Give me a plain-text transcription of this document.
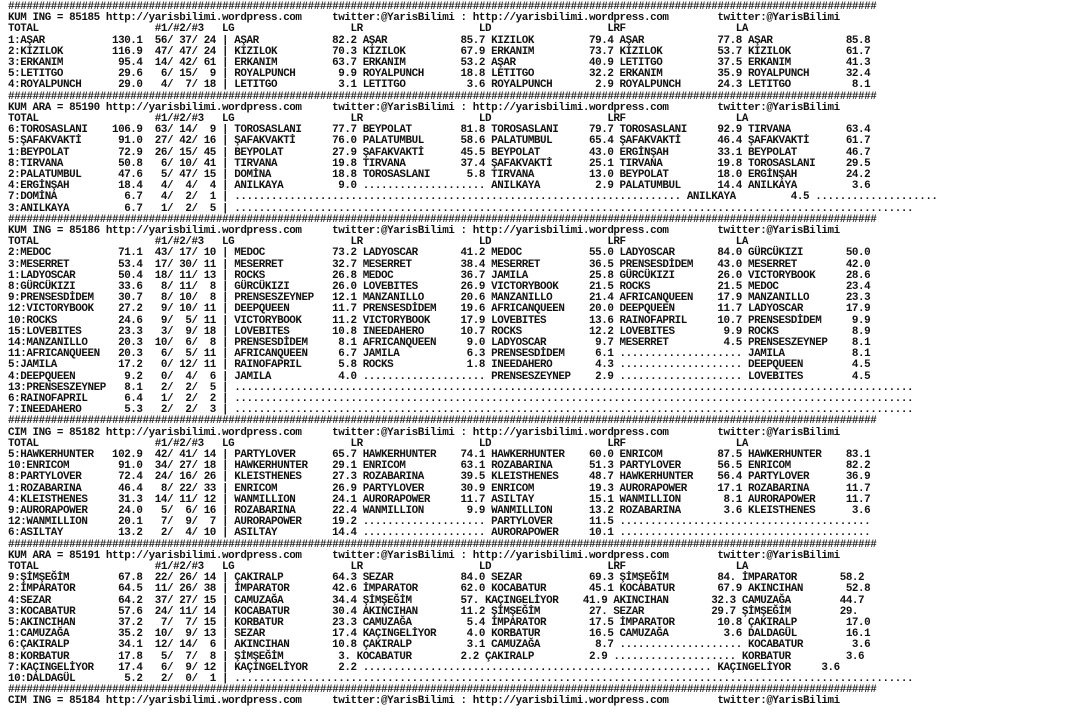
##############################################################################################################################################
KUM ING = 85185 http://yarisbilimi.wordpress.com     twitter:@YarisBilimi : http://yarisbilimi.wordpress.com        twitter:@YarisBilimi
TOTAL                   #1/#2/#3   LG                   LR                   LD                   LRF                  LA
1:AŞAR           130.1  56/ 37/ 24 | AŞAR            82.2 AŞAR            85.7 KIZILOK         79.4 AŞAR            77.8 AŞAR            85.8
2:KIZILOK        116.9  47/ 47/ 24 | KIZILOK         70.3 KIZILOK         67.9 ERKANIM         73.7 KIZILOK         53.7 KIZILOK         61.7
3:ERKANIM         95.4  14/ 42/ 61 | ERKANIM         63.7 ERKANIM         53.2 AŞAR            40.9 LETITGO         37.5 ERKANIM         41.3
5:LETITGO         29.6   6/ 15/  9 | ROYALPUNCH       9.9 ROYALPUNCH      18.8 LETITGO         32.2 ERKANIM         35.9 ROYALPUNCH      32.4
4:ROYALPUNCH      29.0   4/  7/ 18 | LETITGO          3.1 LETITGO          3.6 ROYALPUNCH       2.9 ROYALPUNCH      24.3 LETITGO          8.1
##############################################################################################################################################
KUM ARA = 85190 http://yarisbilimi.wordpress.com     twitter:@YarisBilimi : http://yarisbilimi.wordpress.com        twitter:@YarisBilimi
TOTAL                   #1/#2/#3   LG                   LR                   LD                   LRF                  LA
6:TOROSASLANI    106.9  63/ 14/  9 | TOROSASLANI     77.7 BEYPOLAT        81.8 TOROSASLANI     79.7 TOROSASLANI     92.9 TIRVANA         63.4
5:ŞAFAKVAKTİ      91.0  27/ 42/ 16 | ŞAFAKVAKTİ      76.0 PALATUMBUL      58.6 PALATUMBUL      65.4 ŞAFAKVAKTİ      46.4 ŞAFAKVAKTİ      61.7
1:BEYPOLAT        72.9  26/ 15/ 45 | BEYPOLAT        27.9 ŞAFAKVAKTİ      45.5 BEYPOLAT        43.0 ERGİNŞAH        33.1 BEYPOLAT        46.7
8:TIRVANA         50.8   6/ 10/ 41 | TIRVANA         19.8 TIRVANA         37.4 ŞAFAKVAKTİ      25.1 TIRVANA         19.8 TOROSASLANI     29.5
2:PALATUMBUL      47.6   5/ 47/ 15 | DOMİNA          18.8 TOROSASLANI      5.8 TIRVANA         13.0 BEYPOLAT        18.0 ERGİNŞAH        24.2
4:ERGİNŞAH        18.4   4/  4/  4 | ANILKAYA         9.0 .................... ANILKAYA         2.9 PALATUMBUL      14.4 ANILKAYA         3.6
7:DOMİNA           6.7   4/  2/  1 | ......................................................................... ANILKAYA         4.5 ....................
3:ANILKAYA         6.7   1/  2/  5 | ...............................................................................................................
##############################################################################################################################################
KUM ING = 85186 http://yarisbilimi.wordpress.com     twitter:@YarisBilimi : http://yarisbilimi.wordpress.com        twitter:@YarisBilimi
TOTAL                   #1/#2/#3   LG                   LR                   LD                   LRF                  LA
2:MEDOC           71.1  43/ 17/ 10 | MEDOC           73.2 LADYOSCAR       41.2 MEDOC           55.0 LADYOSCAR       84.0 GÜRCÜKIZI       50.0
3:MESERRET        53.4  17/ 30/ 11 | MESERRET        32.7 MESERRET        38.4 MESERRET        36.5 PRENSESDİDEM    43.0 MESERRET        42.0
1:LADYOSCAR       50.4  18/ 11/ 13 | ROCKS           26.8 MEDOC           36.7 JAMILA          25.8 GÜRCÜKIZI       26.0 VICTORYBOOK     28.6
8:GÜRCÜKIZI       33.6   8/ 11/  8 | GÜRCÜKIZI       26.0 LOVEBITES       26.9 VICTORYBOOK     21.5 ROCKS           21.5 MEDOC           23.4
9:PRENSESDİDEM    30.7   8/ 10/  8 | PRENSESZEYNEP   12.1 MANZANILLO      20.6 MANZANILLO      21.4 AFRICANQUEEN    17.9 MANZANILLO      23.3
12:VICTORYBOOK    27.2   9/ 10/ 11 | DEEPQUEEN       11.7 PRENSESDİDEM    19.6 AFRICANQUEEN    20.0 DEEPQUEEN       11.7 LADYOSCAR       17.9
10:ROCKS          24.6   9/  5/ 11 | VICTORYBOOK     11.2 VICTORYBOOK     17.9 LOVEBITES       13.6 RAINOFAPRIL     10.7 PRENSESDİDEM     9.9
15:LOVEBITES      23.3   3/  9/ 18 | LOVEBITES       10.8 INEEDAHERO      10.7 ROCKS           12.2 LOVEBITES        9.9 ROCKS            8.9
14:MANZANILLO     20.3  10/  6/  8 | PRENSESDİDEM     8.1 AFRICANQUEEN     9.0 LADYOSCAR        9.7 MESERRET         4.5 PRENSESZEYNEP    8.1
11:AFRICANQUEEN   20.3   6/  5/ 11 | AFRICANQUEEN     6.7 JAMILA           6.3 PRENSESDİDEM     6.1 .................... JAMILA           8.1
5:JAMILA          17.2   0/ 12/ 11 | RAINOFAPRIL      5.8 ROCKS            1.8 INEEDAHERO       4.3 .................... DEEPQUEEN        4.5
4:DEEPQUEEN        9.2   0/  4/  6 | JAMILA           4.0 .................... PRENSESZEYNEP    2.9 .................... LOVEBITES        4.5
13:PRENSESZEYNEP   8.1   2/  2/  5 | ...............................................................................................................
6:RAINOFAPRIL      6.4   1/  2/  2 | ...............................................................................................................
7:INEEDAHERO       5.3   2/  2/  3 | ...............................................................................................................
##############################################################################################################################################
CIM ING = 85182 http://yarisbilimi.wordpress.com     twitter:@YarisBilimi : http://yarisbilimi.wordpress.com        twitter:@YarisBilimi
TOTAL                   #1/#2/#3   LG                   LR                   LD                   LRF                  LA
5:HAWKERHUNTER   102.9  42/ 41/ 14 | PARTYLOVER      65.7 HAWKERHUNTER    74.1 HAWKERHUNTER    60.0 ENRICOM         87.5 HAWKERHUNTER    83.1
10:ENRICOM        91.0  34/ 27/ 18 | HAWKERHUNTER    29.1 ENRICOM         63.1 ROZABARINA      51.3 PARTYLOVER      56.5 ENRICOM         82.2
8:PARTYLOVER      72.4  24/ 16/ 26 | KLEISTHENES     27.3 ROZABARINA      39.5 KLEISTHENES     48.7 HAWKERHUNTER    56.4 PARTYLOVER      36.9
1:ROZABARINA      46.4   8/ 22/ 33 | ENRICOM         26.9 PARTYLOVER      30.9 ENRICOM         19.3 AURORAPOWER     17.1 ROZABARINA      11.7
4:KLEISTHENES     31.3  14/ 11/ 12 | WANMILLION      24.1 AURORAPOWER     11.7 ASILTAY         15.1 WANMILLION       8.1 AURORAPOWER     11.7
9:AURORAPOWER     24.0   5/  6/ 16 | ROZABARINA      22.4 WANMILLION       9.9 WANMILLION      13.2 ROZABARINA       3.6 KLEISTHENES      3.6
12:WANMILLION     20.1   7/  9/  7 | AURORAPOWER     19.2 .................... PARTYLOVER      11.5 .........................................
6:ASILTAY         13.2   2/  4/ 10 | ASILTAY         14.4 .................... AURORAPOWER     10.1 .........................................
##############################################################################################################################################
KUM ARA = 85191 http://yarisbilimi.wordpress.com     twitter:@YarisBilimi : http://yarisbilimi.wordpress.com        twitter:@YarisBilimi
TOTAL                   #1/#2/#3   LG                   LR                   LD                   LRF                  LA
9:ŞİMŞEĞİM        67.8  22/ 26/ 14 | ÇAKIRALP        64.3 SEZAR           84.0 SEZAR           69.3 ŞİMŞEĞİM        84. İMPARATOR       58.2
2:İMPARATOR       64.5  11/ 26/ 38 | İMPARATOR       42.6 İMPARATOR       62.0 KOCABATUR       45.1 KOCABATUR       67.9 AKINCIHAN       52.8
4:SEZAR           64.2  37/ 27/ 15 | CAMUZAĞA        34.4 ŞİMŞEĞİM        57. KAÇINGELİYOR    41.9 AKINCIHAN       32.3 CAMUZAĞA        44.7
3:KOCABATUR       57.6  24/ 11/ 14 | KOCABATUR       30.4 AKINCIHAN       11.2 ŞİMŞEĞİM        27. SEZAR           29.7 ŞİMŞEĞİM        29.
5:AKINCIHAN       37.2   7/  7/ 15 | KORBATUR        23.3 CAMUZAĞA         5.4 İMPARATOR       17.5 İMPARATOR       10.8 ÇAKIRALP        17.0
1:CAMUZAĞA        35.2  10/  9/ 13 | SEZAR           17.4 KAÇINGELİYOR     4.0 KORBATUR        16.5 CAMUZAĞA         3.6 DALDAGÜL        16.1
6:ÇAKIRALP        34.1  12/ 14/  6 | AKINCIHAN       10.8 ÇAKIRALP         3.1 CAMUZAĞA         8.7 .................... KOCABATUR        3.6
8:KORBATUR        17.8   5/  7/  8 | ŞİMŞEĞİM         3. KOCABATUR        2.2 ÇAKIRALP         2.9 .................... KORBATUR         3.6
7:KAÇINGELİYOR    17.4   6/  9/ 12 | KAÇINGELİYOR     2.2 ......................................................... KAÇINGELİYOR     3.6
10:DALDAGÜL        5.2   2/  0/  1 | ...............................................................................................................
##############################################################################################################################################
CIM ING = 85184 http://yarisbilimi.wordpress.com     twitter:@YarisBilimi : http://yarisbilimi.wordpress.com        twitter:@YarisBilimi
